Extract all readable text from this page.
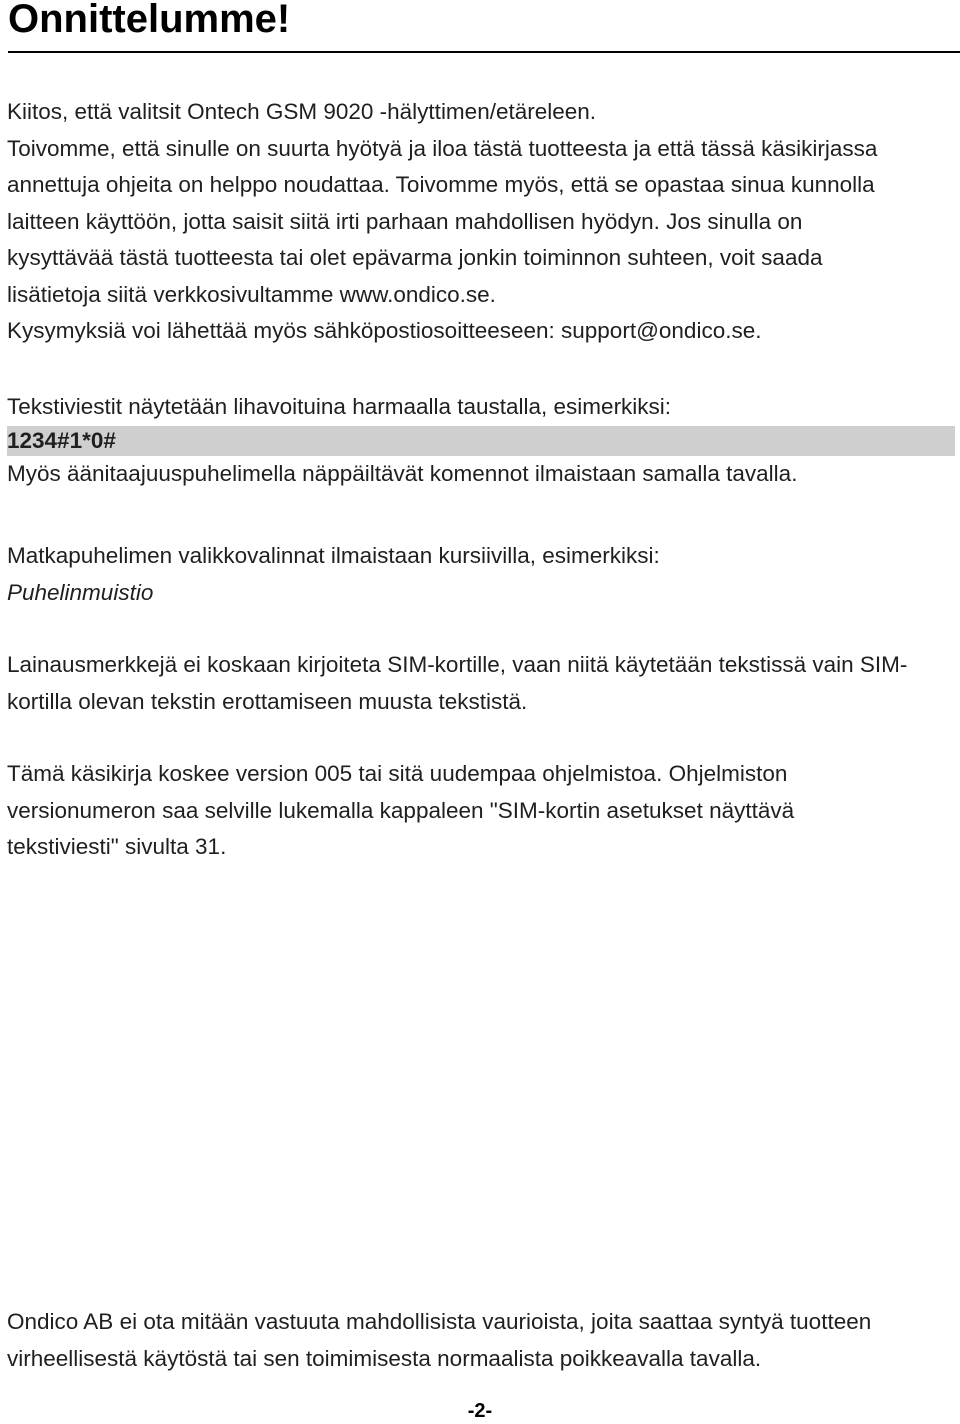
Onnittelumme!
Kiitos, että valitsit Ontech GSM 9020 -hälyttimen/etäreleen.
Toivomme, että sinulle on suurta hyötyä ja iloa tästä tuotteesta ja että tässä käsikirjassa
annettuja ohjeita on helppo noudattaa. Toivomme myös, että se opastaa sinua kunnolla
laitteen käyttöön, jotta saisit siitä irti parhaan mahdollisen hyödyn. Jos sinulla on
kysyttävää tästä tuotteesta tai olet epävarma jonkin toiminnon suhteen, voit saada
lisätietoja siitä verkkosivultamme www.ondico.se.
Kysymyksiä voi lähettää myös sähköpostiosoitteeseen: support@ondico.se.
Tekstiviestit näytetään lihavoituina harmaalla taustalla, esimerkiksi:
1234#1*0#
Myös äänitaajuuspuhelimella näppäiltävät komennot ilmaistaan samalla tavalla.
Matkapuhelimen valikkovalinnat ilmaistaan kursiivilla, esimerkiksi:
Puhelinmuistio
Lainausmerkkejä ei koskaan kirjoiteta SIM-kortille, vaan niitä käytetään tekstissä vain SIM-
kortilla olevan tekstin erottamiseen muusta tekstistä.
Tämä käsikirja koskee version 005 tai sitä uudempaa ohjelmistoa. Ohjelmiston
versionumeron saa selville lukemalla kappaleen "SIM-kortin asetukset näyttävä
tekstiviesti" sivulta 31.
Ondico AB ei ota mitään vastuuta mahdollisista vaurioista, joita saattaa syntyä tuotteen
virheellisestä käytöstä tai sen toimimisesta normaalista poikkeavalla tavalla.
-2-
